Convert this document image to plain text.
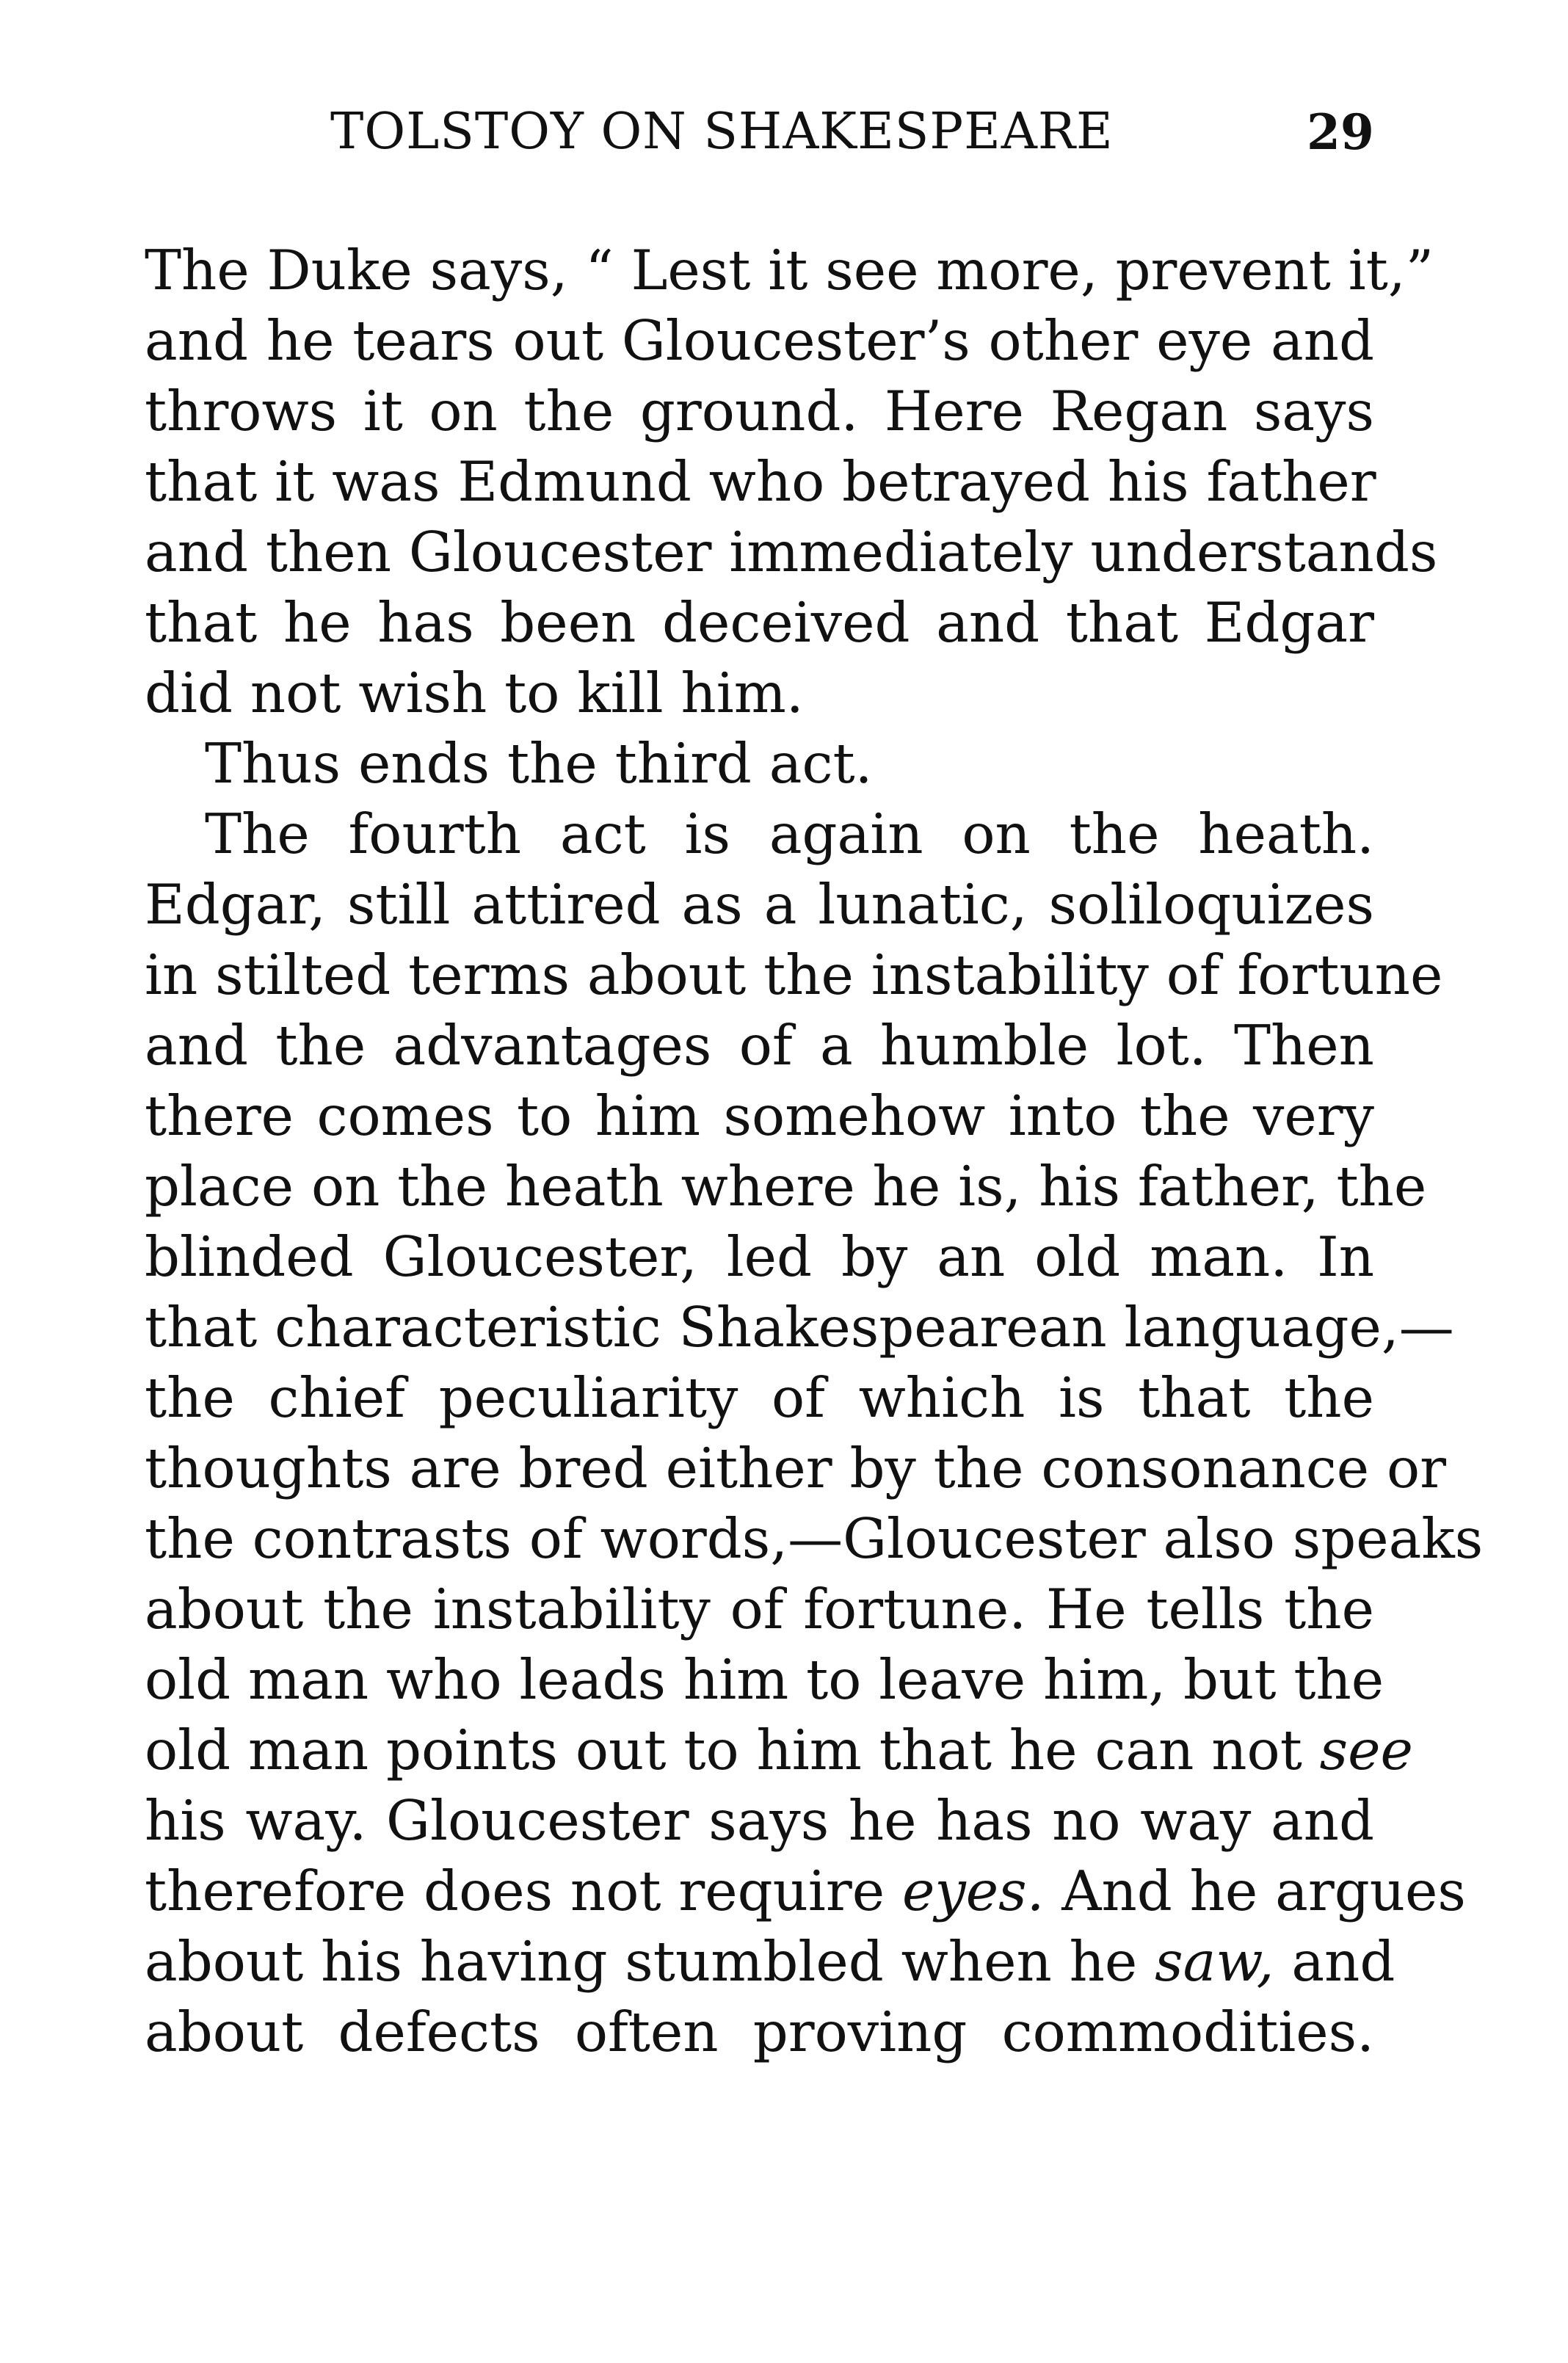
TOLSTOY ON SHAKESPEARE	29
The Duke says, “ Lest it see more, prevent it,”
and he tears out Gloucester’s other eye and
throws it on the ground. Here Regan says
that it was Edmund who betrayed his father
and then Gloucester immediately understands
that he has been deceived and that Edgar
did not wish to kill him.
Thus ends the third act.
The fourth act is again on the heath.
Edgar, still attired as a lunatic, soliloquizes
in stilted terms about the instability of fortune
and the advantages of a humble lot. Then
there comes to him somehow into the very
place on the heath where he is, his father, the
blinded Gloucester, led by an old man. In
that characteristic Shakespearean language,—
the chief peculiarity of which is that the
thoughts are bred either by the consonance or
the contrasts of words,—Gloucester also speaks
about the instability of fortune. He tells the
old man who leads him to leave him, but the
old man points out to him that he can not see
his way. Gloucester says he has no way and
therefore does not require eyes. And he argues
about his having stumbled when he saw, and
about defects often proving commodities.
